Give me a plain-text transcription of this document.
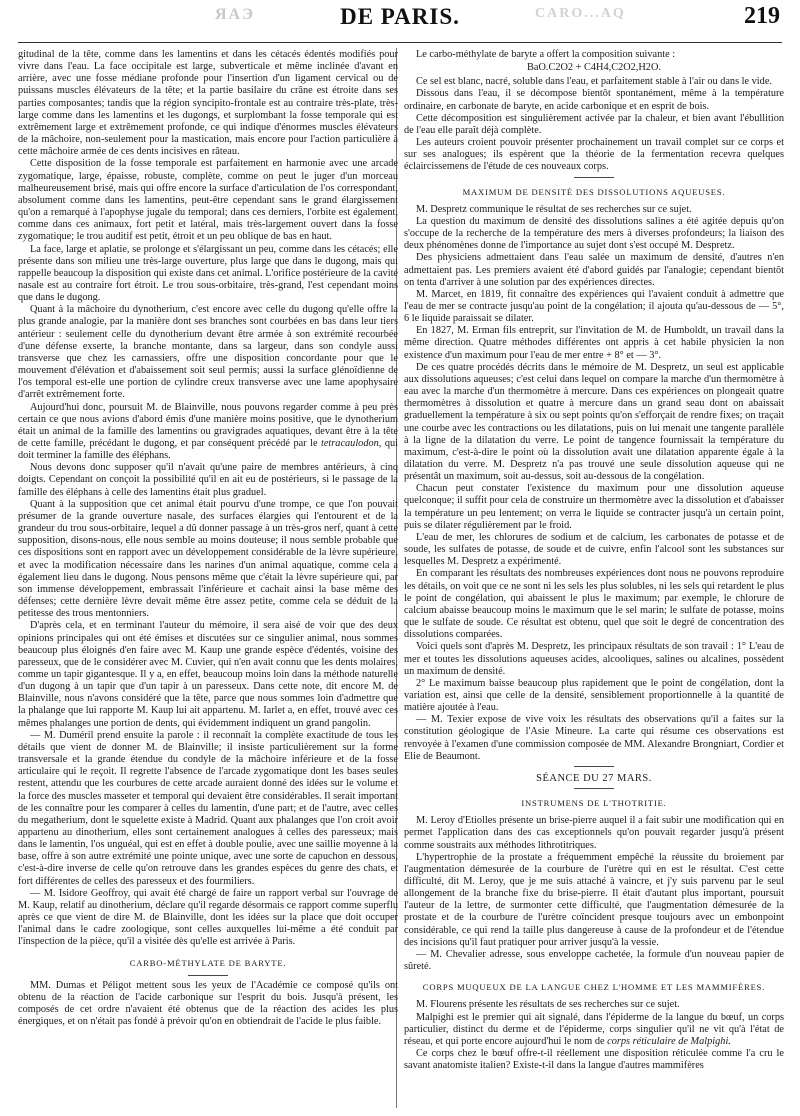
ЯAЭ	CARO...AQ
DE PARIS.	219

gitudinal de la tête, comme dans les lamentins et dans les cétacés édentés modifiés pour vivre dans l'eau. La face occipitale est large, subverticale et même inclinée d'avant en arrière, avec une fosse médiane profonde pour l'insertion d'un ligament cervical ou de puissans muscles élévateurs de la tête; et la partie basilaire du crâne est étroite dans ses parties composantes; tandis que la région syncipito-frontale est au contraire très-plate, très-large comme dans les lamentins et les dugongs, et surplombant la fosse temporale qui est extrêmement large et extrêmement profonde, ce qui indique d'énormes muscles élévateurs de la mâchoire, non-seulement pour la mastication, mais encore pour l'action particulière à cette mâchoire armée de ces dents incisives en râteau.

Cette disposition de la fosse temporale est parfaitement en harmonie avec une arcade zygomatique, large, épaisse, robuste, complète, comme on peut le juger d'un morceau malheureusement brisé, mais qui offre encore la surface d'articulation de l'os correspondant, absolument comme dans les lamentins, peut-être cependant sans le grand élargissement qu'on a remarqué à l'apophyse jugale du temporal; dans ces derniers, l'orbite est également, comme dans ces animaux, fort petit et latéral, mais très-largement ouvert dans la fosse zygomatique; le trou auditif est petit, étroit et un peu oblique de bas en haut.

La face, large et aplatie, se prolonge et s'élargissant un peu, comme dans les cétacés; elle présente dans son milieu une très-large ouverture, plus large que dans le dugong, mais qui rappelle beaucoup la disposition qui existe dans cet animal. L'orifice postérieure de la cavité nasale est au contraire fort étroit. Le trou sous-orbitaire, très-grand, l'est cependant moins que dans le dugong.

Quant à la mâchoire du dynotherium, c'est encore avec celle du dugong qu'elle offre la plus grande analogie, par la manière dont ses branches sont courbées en bas dans leur tiers antérieur : seulement celle du dynotherium devant être armée à son extrémité recourbée d'une défense exserte, la branche montante, dans sa largeur, dans son condyle aussi transverse que chez les carnassiers, offre une disposition concordante pour que le mouvement d'élévation et d'abaissement soit seul permis; aussi la surface glénoïdienne de l'os temporal est-elle une portion de cylindre creux transverse avec une lame apophysaire d'arrêt extrêmement forte.

Aujourd'hui donc, poursuit M. de Blainville, nous pouvons regarder comme à peu près certain ce que nous avions d'abord émis d'une manière moins positive, que le dynotherium était un animal de la famille des lamentins ou gravigrades aquatiques, devant être à la tête de cette famille, précédant le dugong, et par conséquent précédé par le tetracaulodon, qui doit terminer la famille des éléphans.

Nous devons donc supposer qu'il n'avait qu'une paire de membres antérieurs, à cinq doigts. Cependant on conçoit la possibilité qu'il en ait eu de postérieurs, si le passage de la famille des éléphans à celle des lamentins était plus graduel.

Quant à la supposition que cet animal était pourvu d'une trompe, ce que l'on pouvait présumer de la grande ouverture nasale, des surfaces élargies qui l'entourent et de la grandeur du trou sous-orbitaire, lequel a dû donner passage à un très-gros nerf, quant à cette supposition, disons-nous, elle nous semble au moins douteuse; il nous semble probable que ces dispositions sont en rapport avec un développement considérable de la lèvre supérieure, et avec la modification nécessaire dans les narines d'un animal aquatique, comme cela a également lieu dans le dugong. Nous pensons même que c'était la lèvre supérieure qui, par son immense développement, embrassait l'inférieure et cachait ainsi la base même des défenses; cette dernière lèvre devait même être assez petite, comme cela se déduit de la petitesse des trous mentonniers.

D'après cela, et en terminant l'auteur du mémoire, il sera aisé de voir que des deux opinions principales qui ont été émises et discutées sur ce singulier animal, nous sommes beaucoup plus éloignés d'en faire avec M. Kaup une grande espèce d'édentés, voisine des paresseux, que de le considérer avec M. Cuvier, qui n'en avait connu que les dents molaires, comme un tapir gigantesque. Il y a, en effet, beaucoup moins loin dans la méthode naturelle d'un dugong à un tapir que d'un tapir à un paresseux. Dans cette note, dit encore M. de Blainville, nous n'avons considéré que la tête, parce que nous sommes loin d'admettre que la phalange que lui rapporte M. Kaup lui ait appartenu. M. Iarlet a, en effet, trouvé avec ces mêmes phalanges une portion de dents, qui évidemment indiquent un grand pangolin.

— M. Duméril prend ensuite la parole : il reconnaît la complète exactitude de tous les détails que vient de donner M. de Blainville; il insiste particulièrement sur la forme transversale et la grande étendue du condyle de la mâchoire inférieure et de la fosse articulaire qui le reçoit. Il regrette l'absence de l'arcade zygomatique dont les bases seules restent, attendu que les courbures de cette arcade auraient donné des idées sur le volume et la force des muscles masseter et temporal qui devaient être considérables. Il serait important de les connaître pour les comparer à celles du lamentin, d'une part; et de l'autre, avec celles du megatherium, dont le squelette existe à Madrid. Quant aux phalanges que l'on croit avoir appartenu au dinotherium, elles sont certainement analogues à celles des paresseux; mais dans le lamentin, l'os unguéal, qui est en effet à double poulie, avec une saillie moyenne à la base, offre à son autre extrémité une pointe unique, avec une sorte de capuchon en dessous, c'est-à-dire inverse de celle qu'on retrouve dans les grandes espèces du genre des chats, et fort différentes de celles des paresseux et des fourmiliers.

— M. Isidore Geoffroy, qui avait été chargé de faire un rapport verbal sur l'ouvrage de M. Kaup, relatif au dinotherium, déclare qu'il regarde désormais ce rapport comme superflu après ce que vient de dire M. de Blainville, dont les idées sur la place que doit occuper l'animal dans le cadre zoologique, sont celles auxquelles lui-même a été conduit par l'inspection de la pièce, qu'il a visitée dès qu'elle est arrivée à Paris.

CARBO-MÉTHYLATE DE BARYTE.

MM. Dumas et Péligot mettent sous les yeux de l'Académie ce composé qu'ils ont obtenu de la réaction de l'acide carbonique sur l'esprit du bois. Jusqu'à présent, les composés de cet ordre n'avaient été obtenus que de la réaction des acides les plus énergiques, et on n'était pas fondé à prévoir qu'on en obtiendrait de l'acide le plus faible.

Le carbo-méthylate de baryte a offert la composition suivante :

BaO.C2O2 + C4H4,C2O2,H2O.

Ce sel est blanc, nacré, soluble dans l'eau, et parfaitement stable à l'air ou dans le vide.

Dissous dans l'eau, il se décompose bientôt spontanément, même à la température ordinaire, en carbonate de baryte, en acide carbonique et en esprit de bois.

Cette décomposition est singulièrement activée par la chaleur, et bien avant l'ébullition de l'eau elle paraît déjà complète.

Les auteurs croient pouvoir présenter prochainement un travail complet sur ce corps et sur ses analogues; ils espèrent que la théorie de la fermentation recevra quelques éclaircissemens de l'étude de ces nouveaux corps.

MAXIMUM DE DENSITÉ DES DISSOLUTIONS AQUEUSES.

M. Despretz communique le résultat de ses recherches sur ce sujet.

La question du maximum de densité des dissolutions salines a été agitée depuis qu'on s'occupe de la recherche de la température des mers à diverses profondeurs; la liaison des deux phénomènes donne de l'importance au sujet dont s'est occupé M. Despretz.

Des physiciens admettaient dans l'eau salée un maximum de densité, d'autres n'en admettaient pas. Les premiers avaient été d'abord guidés par l'analogie; cependant bientôt on tenta d'arriver à une solution par des expériences directes.

M. Marcet, en 1819, fit connaître des expériences qui l'avaient conduit à admettre que l'eau de mer se contracte jusqu'au point de la congélation; il ajouta qu'au-dessous de — 5°, 6 le liquide paraissait se dilater.

En 1827, M. Erman fils entreprit, sur l'invitation de M. de Humboldt, un travail dans la même direction. Quatre méthodes différentes ont appris à cet habile physicien la non existence d'un maximum pour l'eau de mer entre + 8° et — 3°.

De ces quatre procédés décrits dans le mémoire de M. Despretz, un seul est applicable aux dissolutions aqueuses; c'est celui dans lequel on compare la marche d'un thermomètre à eau avec la marche d'un thermomètre à mercure. Dans ces expériences on plongeait quatre thermomètres à dissolution et quatre à mercure dans un grand seau dont on abaissait graduellement la température à six ou sept points qu'on s'efforçait de rendre fixes; on traçait une courbe avec les contractions ou les dilatations, puis on lui menait une tangente parallèle à la ligne de la dilatation du verre. Le point de tangence fournissait la température du maximum, c'est-à-dire le point où la dissolution avait une dilatation apparente égale à la dilatation du verre. M. Despretz n'a pas trouvé une seule dissolution aqueuse qui ne présentât un maximum, soit au-dessus, soit au-dessous de la congélation.

Chacun peut constater l'existence du maximum pour une dissolution aqueuse quelconque; il suffit pour cela de construire un thermomètre avec la dissolution et d'abaisser la température un peu lentement; on verra le liquide se contracter jusqu'à un certain point, puis se dilater régulièrement par le froid.

L'eau de mer, les chlorures de sodium et de calcium, les carbonates de potasse et de soude, les sulfates de potasse, de soude et de cuivre, enfin l'alcool sont les substances sur lesquelles M. Despretz a expérimenté.

En comparant les résultats des nombreuses expériences dont nous ne pouvons reproduire les détails, on voit que ce ne sont ni les sels les plus solubles, ni les sels qui retardent le plus le point de congélation, qui abaissent le plus le maximum; par exemple, le chlorure de calcium abaisse beaucoup moins le maximum que le sel marin; le sulfate de potasse, moins que le sulfate de soude. Ce résultat est obtenu, quel que soit le degré de concentration des dissolutions comparées.

Voici quels sont d'après M. Despretz, les principaux résultats de son travail : 1° L'eau de mer et toutes les dissolutions aqueuses acides, alcooliques, salines ou alcalines, possèdent un maximum de densité.

2° Le maximum baisse beaucoup plus rapidement que le point de congélation, dont la variation est, ainsi que celle de la densité, sensiblement proportionnelle à la quantité de matière ajoutée à l'eau.

— M. Texier expose de vive voix les résultats des observations qu'il a faites sur la constitution géologique de l'Asie Mineure. La carte qui résume ces observations est renvoyée à l'examen d'une commission composée de MM. Alexandre Brongniart, Cordier et Elie de Beaumont.

SÉANCE DU 27 MARS.
INSTRUMENS DE L'THOTRITIE.

M. Leroy d'Etiolles présente un brise-pierre auquel il a fait subir une modification qui en permet l'application dans des cas exceptionnels qu'on pouvait regarder jusqu'à présent comme soustraits aux méthodes lithrotitriques.

L'hypertrophie de la prostate a fréquemment empêché la réussite du broiement par l'augmentation démesurée de la courbure de l'urètre qui en est le résultat. C'est cette difficulté, dit M. Leroy, que je me suis attaché à vaincre, et j'y suis parvenu par le seul allongement de la branche fixe du brise-pierre. Il était d'autant plus important, poursuit l'auteur de la lettre, de surmonter cette difficulté, que l'augmentation démesurée de la prostate et de la courbure de l'urètre coïncident presque toujours avec un embonpoint considérable, ce qui rend la taille plus dangereuse à cause de la profondeur et de l'étendue des incisions qu'il faut pratiquer pour arriver jusqu'à la vessie.

— M. Chevalier adresse, sous enveloppe cachetée, la formule d'un nouveau papier de sûreté.

CORPS MUQUEUX DE LA LANGUE CHEZ L'HOMME ET LES MAMMIFÈRES.

M. Flourens présente les résultats de ses recherches sur ce sujet.

Malpighi est le premier qui ait signalé, dans l'épiderme de la langue du bœuf, un corps particulier, distinct du derme et de l'épiderme, corps singulier qu'il ne vit qu'à l'état de réseau, et qui porte encore aujourd'hui le nom de corps réticulaire de Malpighi.

Ce corps chez le bœuf offre-t-il réellement une disposition réticulée comme l'a cru le savant anatomiste italien? Existe-t-il dans la langue d'autres mammifères
